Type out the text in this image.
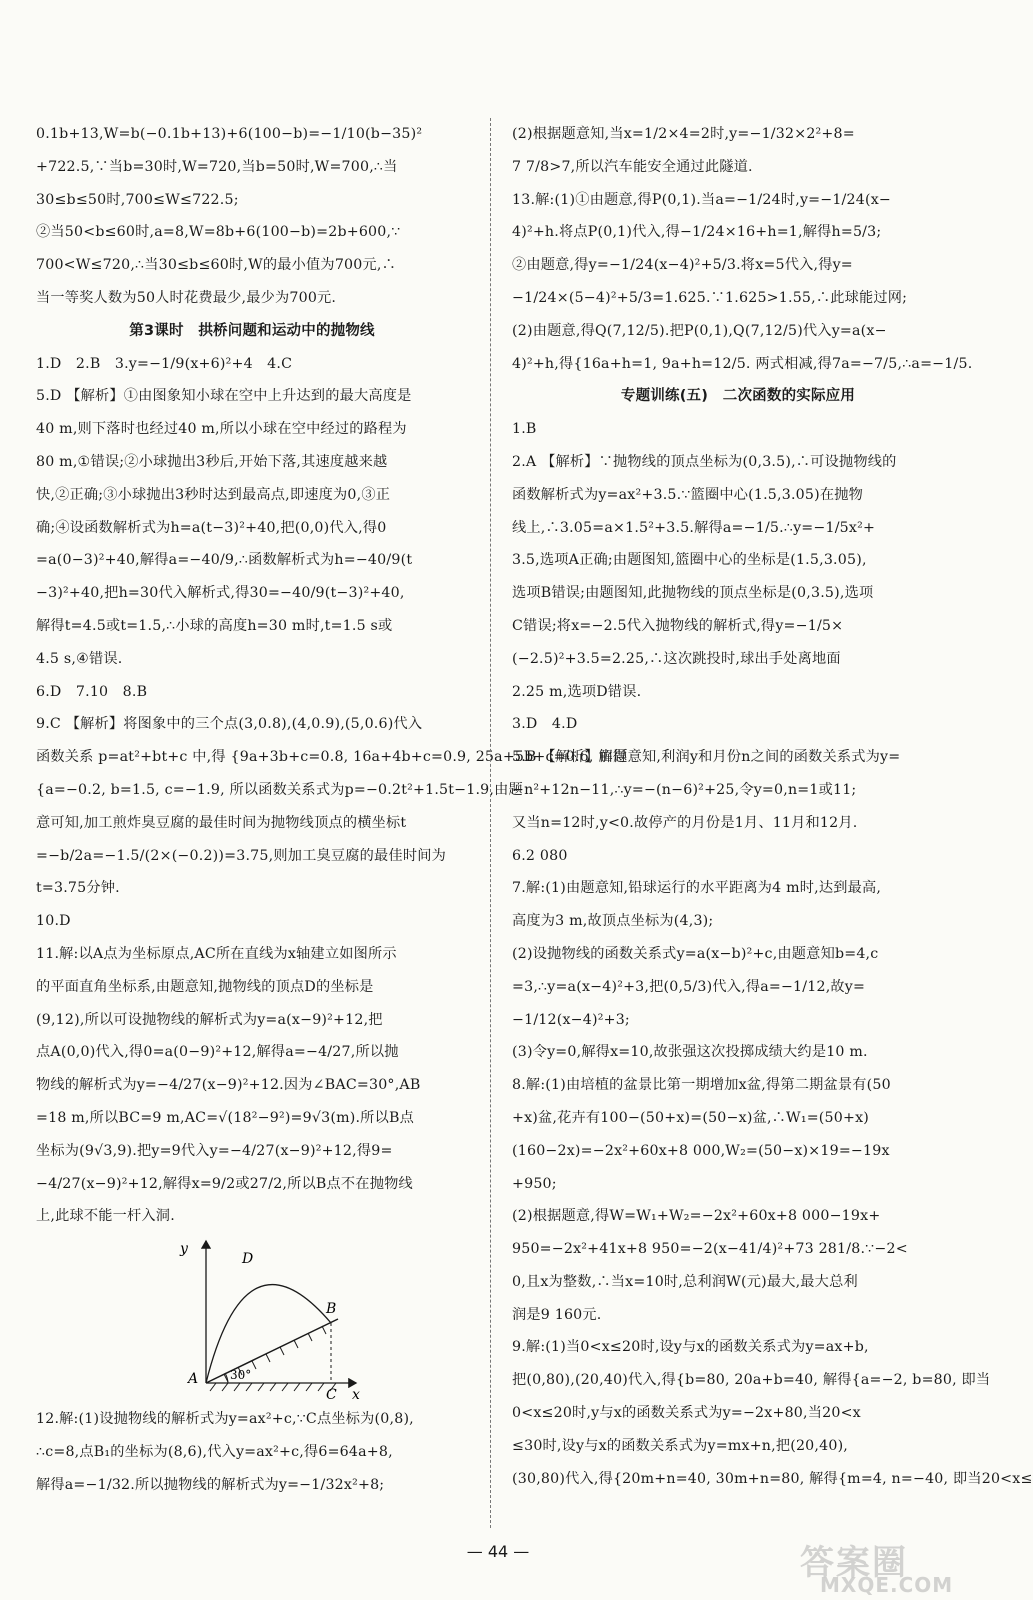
0.1b+13,W=b(−0.1b+13)+6(100−b)=−1/10(b−35)²
+722.5,∵当b=30时,W=720,当b=50时,W=700,∴当
30≤b≤50时,700≤W≤722.5;
②当50<b≤60时,a=8,W=8b+6(100−b)=2b+600,∵
700<W≤720,∴当30≤b≤60时,W的最小值为700元,∴
当一等奖人数为50人时花费最少,最少为700元.
第3课时　拱桥问题和运动中的抛物线
1.D　2.B　3.y=−1/9(x+6)²+4　4.C
5.D 【解析】①由图象知小球在空中上升达到的最大高度是
40 m,则下落时也经过40 m,所以小球在空中经过的路程为
80 m,①错误;②小球抛出3秒后,开始下落,其速度越来越
快,②正确;③小球抛出3秒时达到最高点,即速度为0,③正
确;④设函数解析式为h=a(t−3)²+40,把(0,0)代入,得0
=a(0−3)²+40,解得a=−40/9,∴函数解析式为h=−40/9(t
−3)²+40,把h=30代入解析式,得30=−40/9(t−3)²+40,
解得t=4.5或t=1.5,∴小球的高度h=30 m时,t=1.5 s或
4.5 s,④错误.
6.D　7.10　8.B
9.C 【解析】将图象中的三个点(3,0.8),(4,0.9),(5,0.6)代入
函数关系 p=at²+bt+c 中,得 {9a+3b+c=0.8, 16a+4b+c=0.9, 25a+5b+c=0.6, 解得
{a=−0.2, b=1.5, c=−1.9, 所以函数关系式为p=−0.2t²+1.5t−1.9,由题
意可知,加工煎炸臭豆腐的最佳时间为抛物线顶点的横坐标t
=−b/2a=−1.5/(2×(−0.2))=3.75,则加工臭豆腐的最佳时间为
t=3.75分钟.
10.D
11.解:以A点为坐标原点,AC所在直线为x轴建立如图所示
的平面直角坐标系,由题意知,抛物线的顶点D的坐标是
(9,12),所以可设抛物线的解析式为y=a(x−9)²+12,把
点A(0,0)代入,得0=a(0−9)²+12,解得a=−4/27,所以抛
物线的解析式为y=−4/27(x−9)²+12.因为∠BAC=30°,AB
=18 m,所以BC=9 m,AC=√(18²−9²)=9√3(m).所以B点
坐标为(9√3,9).把y=9代入y=−4/27(x−9)²+12,得9=
−4/27(x−9)²+12,解得x=9/2或27/2,所以B点不在抛物线
上,此球不能一杆入洞.
y
x
A
B
C
D
30°
12.解:(1)设抛物线的解析式为y=ax²+c,∵C点坐标为(0,8),
∴c=8,点B₁的坐标为(8,6),代入y=ax²+c,得6=64a+8,
解得a=−1/32.所以抛物线的解析式为y=−1/32x²+8;
(2)根据题意知,当x=1/2×4=2时,y=−1/32×2²+8=
7 7/8>7,所以汽车能安全通过此隧道.
13.解:(1)①由题意,得P(0,1).当a=−1/24时,y=−1/24(x−
4)²+h.将点P(0,1)代入,得−1/24×16+h=1,解得h=5/3;
②由题意,得y=−1/24(x−4)²+5/3.将x=5代入,得y=
−1/24×(5−4)²+5/3=1.625.∵1.625>1.55,∴此球能过网;
(2)由题意,得Q(7,12/5).把P(0,1),Q(7,12/5)代入y=a(x−
4)²+h,得{16a+h=1, 9a+h=12/5. 两式相减,得7a=−7/5,∴a=−1/5.
专题训练(五)　二次函数的实际应用
1.B
2.A 【解析】∵抛物线的顶点坐标为(0,3.5),∴可设抛物线的
函数解析式为y=ax²+3.5.∵篮圈中心(1.5,3.05)在抛物
线上,∴3.05=a×1.5²+3.5.解得a=−1/5.∴y=−1/5x²+
3.5,选项A正确;由题图知,篮圈中心的坐标是(1.5,3.05),
选项B错误;由题图知,此抛物线的顶点坐标是(0,3.5),选项
C错误;将x=−2.5代入抛物线的解析式,得y=−1/5×
(−2.5)²+3.5=2.25,∴这次跳投时,球出手处离地面
2.25 m,选项D错误.
3.D　4.D
5.B 【解析】由题意知,利润y和月份n之间的函数关系式为y=
−n²+12n−11,∴y=−(n−6)²+25,令y=0,n=1或11;
又当n=12时,y<0.故停产的月份是1月、11月和12月.
6.2 080
7.解:(1)由题意知,铅球运行的水平距离为4 m时,达到最高,
高度为3 m,故顶点坐标为(4,3);
(2)设抛物线的函数关系式y=a(x−b)²+c,由题意知b=4,c
=3,∴y=a(x−4)²+3,把(0,5/3)代入,得a=−1/12,故y=
−1/12(x−4)²+3;
(3)令y=0,解得x=10,故张强这次投掷成绩大约是10 m.
8.解:(1)由培植的盆景比第一期增加x盆,得第二期盆景有(50
+x)盆,花卉有100−(50+x)=(50−x)盆,∴W₁=(50+x)
(160−2x)=−2x²+60x+8 000,W₂=(50−x)×19=−19x
+950;
(2)根据题意,得W=W₁+W₂=−2x²+60x+8 000−19x+
950=−2x²+41x+8 950=−2(x−41/4)²+73 281/8.∵−2<
0,且x为整数,∴当x=10时,总利润W(元)最大,最大总利
润是9 160元.
9.解:(1)当0<x≤20时,设y与x的函数关系式为y=ax+b,
把(0,80),(20,40)代入,得{b=80, 20a+b=40, 解得{a=−2, b=80, 即当
0<x≤20时,y与x的函数关系式为y=−2x+80,当20<x
≤30时,设y与x的函数关系式为y=mx+n,把(20,40),
(30,80)代入,得{20m+n=40, 30m+n=80, 解得{m=4, n=−40, 即当20<x≤
— 44 —	答案圈
MXQE.COM
